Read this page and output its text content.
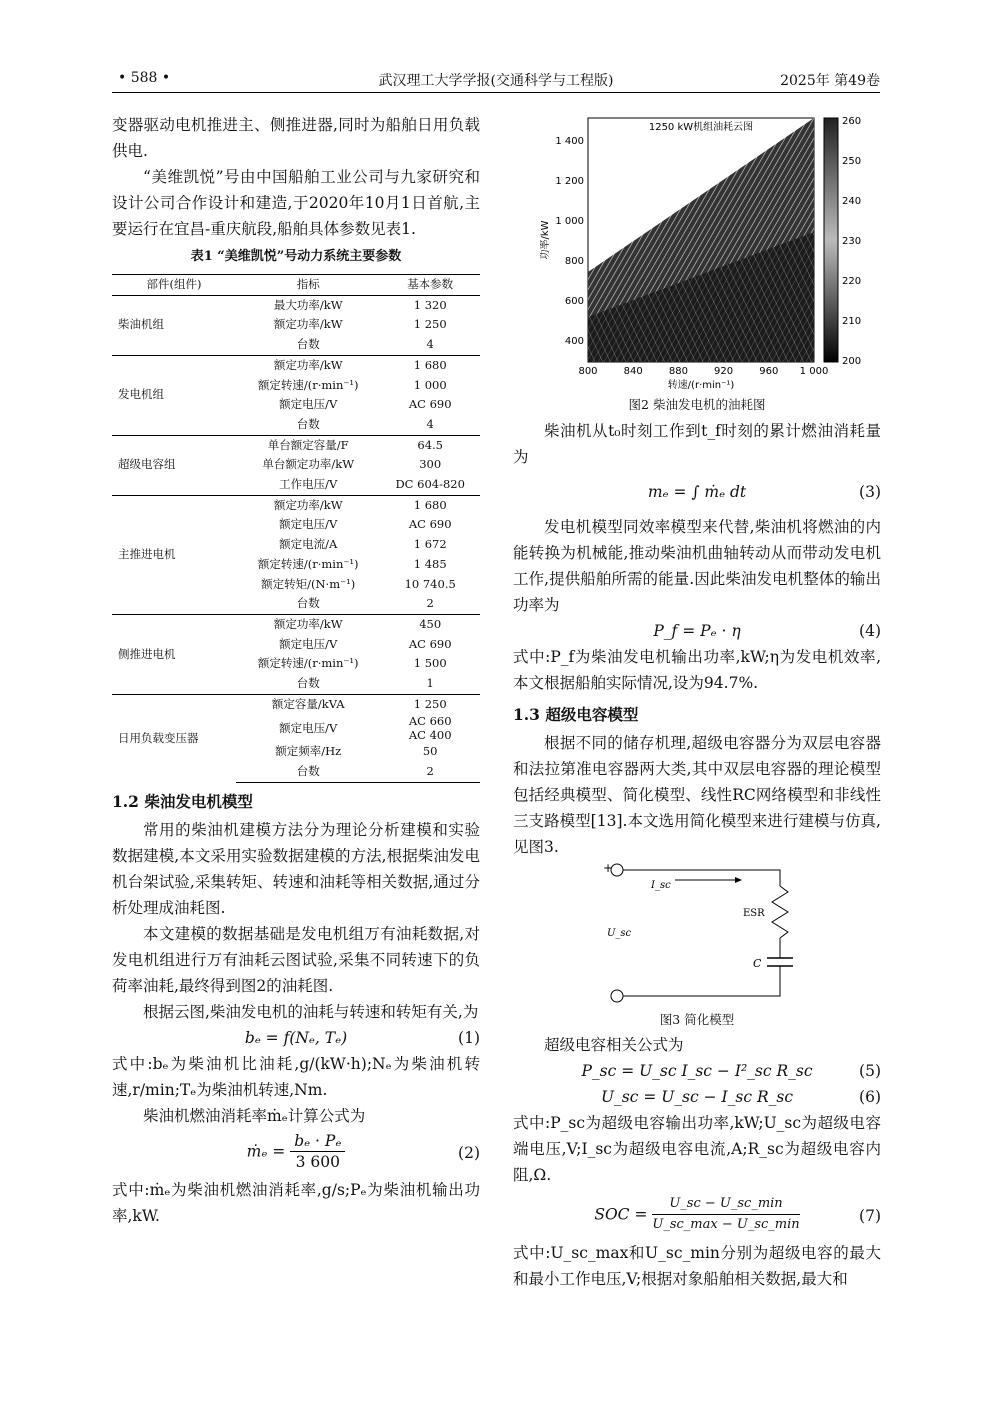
• 588 •	武汉理工大学学报(交通科学与工程版)	2025年 第49卷

变器驱动电机推进主、侧推进器,同时为船舶日用负载供电.

“美维凯悦”号由中国船舶工业公司与九家研究和设计公司合作设计和建造,于2020年10月1日首航,主要运行在宜昌-重庆航段,船舶具体参数见表1.

表1 “美维凯悦”号动力系统主要参数
部件(组件)	指标	基本参数
柴油机组	最大功率/kW	1 320
	额定功率/kW	1 250
	台数	4
发电机组	额定功率/kW	1 680
	额定转速/(r·min⁻¹)	1 000
	额定电压/V	AC 690
	台数	4
超级电容组	单台额定容量/F	64.5
	单台额定功率/kW	300
	工作电压/V	DC 604-820
主推进电机	额定功率/kW	1 680
	额定电压/V	AC 690
	额定电流/A	1 672
	额定转速/(r·min⁻¹)	1 485
	额定转矩/(N·m⁻¹)	10 740.5
	台数	2
侧推进电机	额定功率/kW	450
	额定电压/V	AC 690
	额定转速/(r·min⁻¹)	1 500
	台数	1
日用负载变压器	额定容量/kVA	1 250
	额定电压/V	AC 660
AC 400
	额定频率/Hz	50
	台数	2

1.2 柴油发电机模型

常用的柴油机建模方法分为理论分析建模和实验数据建模,本文采用实验数据建模的方法,根据柴油发电机台架试验,采集转矩、转速和油耗等相关数据,通过分析处理成油耗图.

本文建模的数据基础是发电机组万有油耗数据,对发电机组进行万有油耗云图试验,采集不同转速下的负荷率油耗,最终得到图2的油耗图.

根据云图,柴油发电机的油耗与转速和转矩有关,为

bₑ = f(Nₑ, Tₑ)	(1)

式中:bₑ为柴油机比油耗,g/(kW·h);Nₑ为柴油机转速,r/min;Tₑ为柴油机转速,Nm.

柴油机燃油消耗率ṁₑ计算公式为

ṁₑ = $\frac{\text{bₑ · Pₑ}}{3 600}$	(2)

式中:ṁₑ为柴油机燃油消耗率,g/s;Pₑ为柴油机输出功率,kW.

1250 kW机组油耗云图
1 400
1 200
1 000
800
600
400
800	840	880	920	960 1 000
260
250
240
230
220
210
200
功率/kW
转速/(r·min⁻¹)
图2 柴油发电机的油耗图

柴油机从t₀时刻工作到t_f时刻的累计燃油消耗量为

mₑ = ∫ ṁₑ dt	(3)

发电机模型同效率模型来代替,柴油机将燃油的内能转换为机械能,推动柴油机曲轴转动从而带动发电机工作,提供船舶所需的能量.因此柴油发电机整体的输出功率为

P_f = Pₑ · η	(4)

式中:P_f为柴油发电机输出功率,kW;η为发电机效率,本文根据船舶实际情况,设为94.7%.

1.3 超级电容模型

根据不同的储存机理,超级电容器分为双层电容器和法拉第准电容器两大类,其中双层电容器的理论模型包括经典模型、简化模型、线性RC网络模型和非线性三支路模型[13].本文选用简化模型来进行建模与仿真,见图3.

+
I_sc
U_sc
ESR
C
图3 简化模型

超级电容相关公式为

P_sc = U_sc I_sc − I²_sc R_sc	(5)
U_sc = U_sc − I_sc R_sc	(6)

式中:P_sc为超级电容输出功率,kW;U_sc为超级电容端电压,V;I_sc为超级电容电流,A;R_sc为超级电容内阻,Ω.

SOC = $\frac{U\_sc - U\_sc\_\min}{U\_sc\_\max - U\_sc\_\min}$	(7)

式中:U_sc_max和U_sc_min分别为超级电容的最大和最小工作电压,V;根据对象船舶相关数据,最大和
